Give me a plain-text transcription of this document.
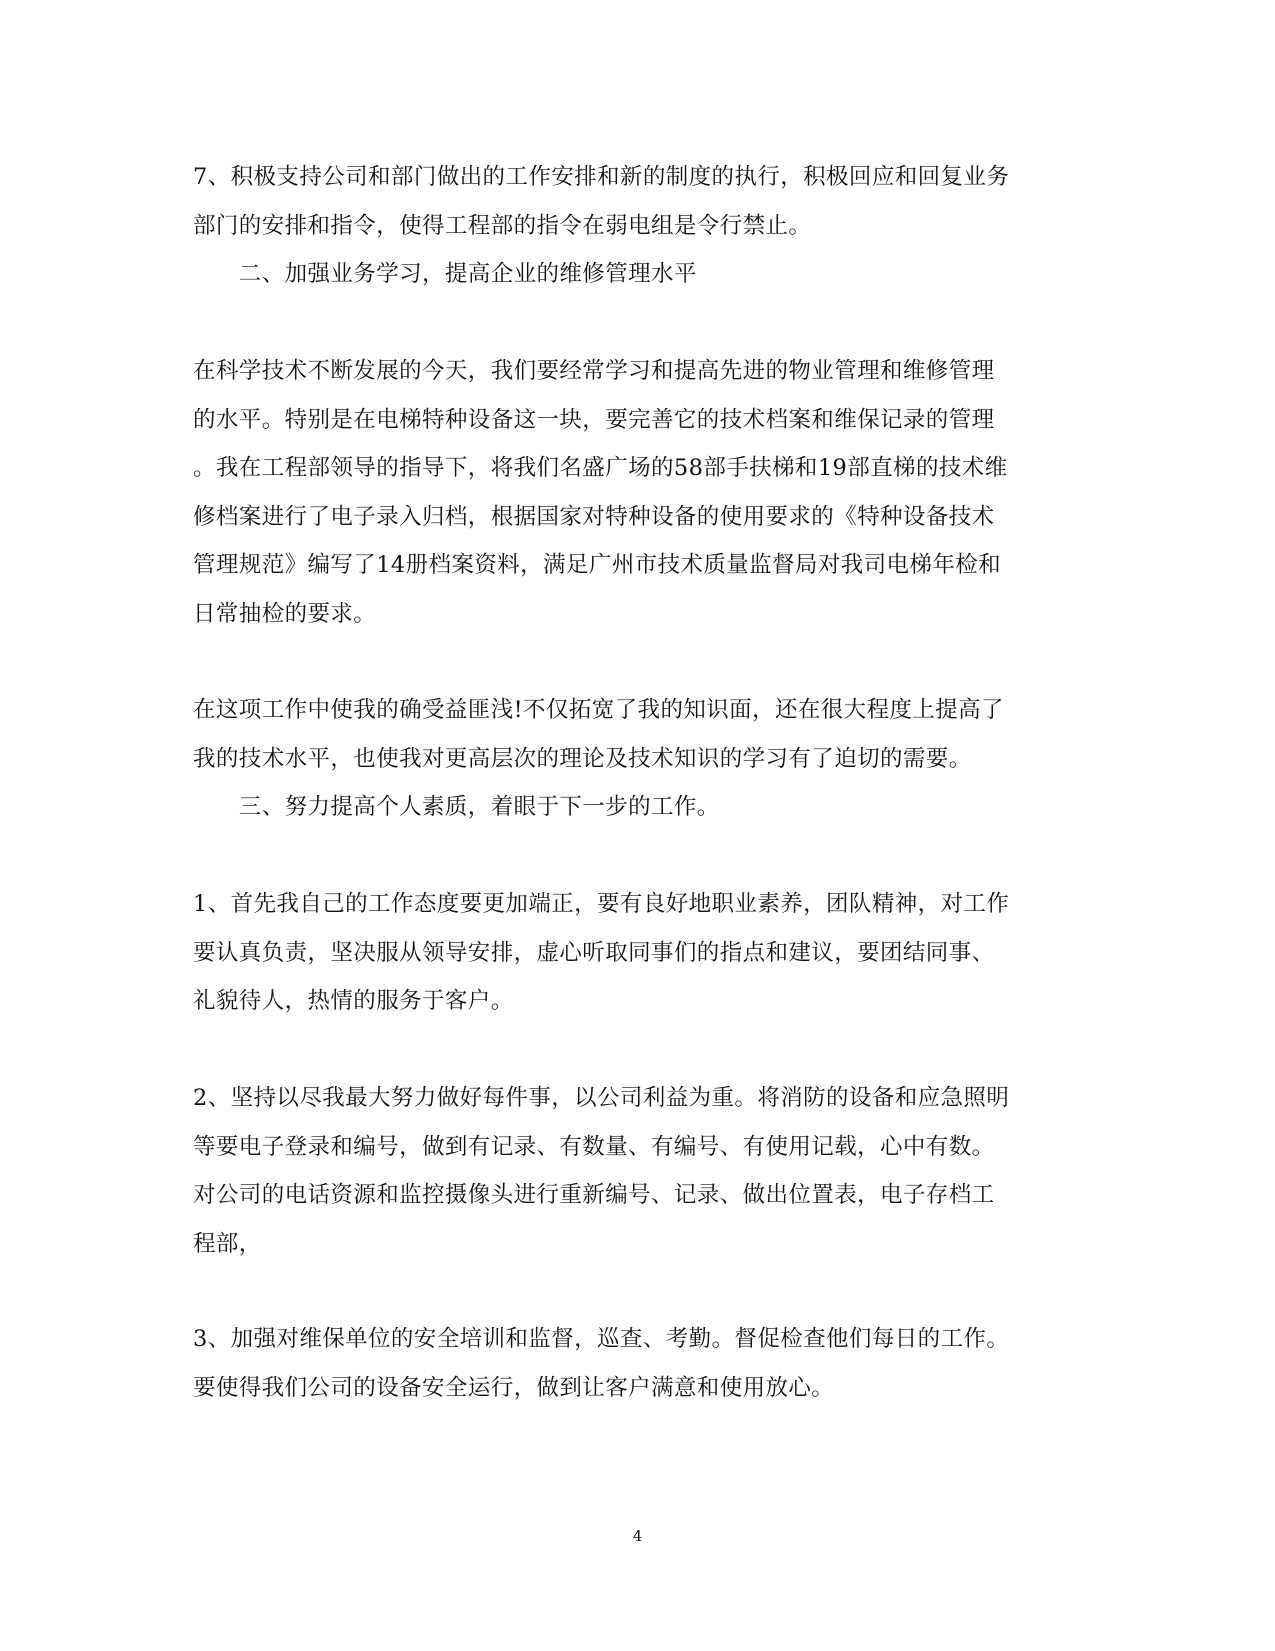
7、积极支持公司和部门做出的工作安排和新的制度的执行，积极回应和回复业务
部门的安排和指令，使得工程部的指令在弱电组是令行禁止。
　　二、加强业务学习，提高企业的维修管理水平
在科学技术不断发展的今天，我们要经常学习和提高先进的物业管理和维修管理
的水平。特别是在电梯特种设备这一块，要完善它的技术档案和维保记录的管理
。我在工程部领导的指导下，将我们名盛广场的58部手扶梯和19部直梯的技术维
修档案进行了电子录入归档，根据国家对特种设备的使用要求的《特种设备技术
管理规范》编写了14册档案资料，满足广州市技术质量监督局对我司电梯年检和
日常抽检的要求。
在这项工作中使我的确受益匪浅!不仅拓宽了我的知识面，还在很大程度上提高了
我的技术水平，也使我对更高层次的理论及技术知识的学习有了迫切的需要。
　　三、努力提高个人素质，着眼于下一步的工作。
1、首先我自己的工作态度要更加端正，要有良好地职业素养，团队精神，对工作
要认真负责，坚决服从领导安排，虚心听取同事们的指点和建议，要团结同事、
礼貌待人，热情的服务于客户。
2、坚持以尽我最大努力做好每件事，以公司利益为重。将消防的设备和应急照明
等要电子登录和编号，做到有记录、有数量、有编号、有使用记载，心中有数。
对公司的电话资源和监控摄像头进行重新编号、记录、做出位置表，电子存档工
程部，
3、加强对维保单位的安全培训和监督，巡查、考勤。督促检查他们每日的工作。
要使得我们公司的设备安全运行，做到让客户满意和使用放心。
4
